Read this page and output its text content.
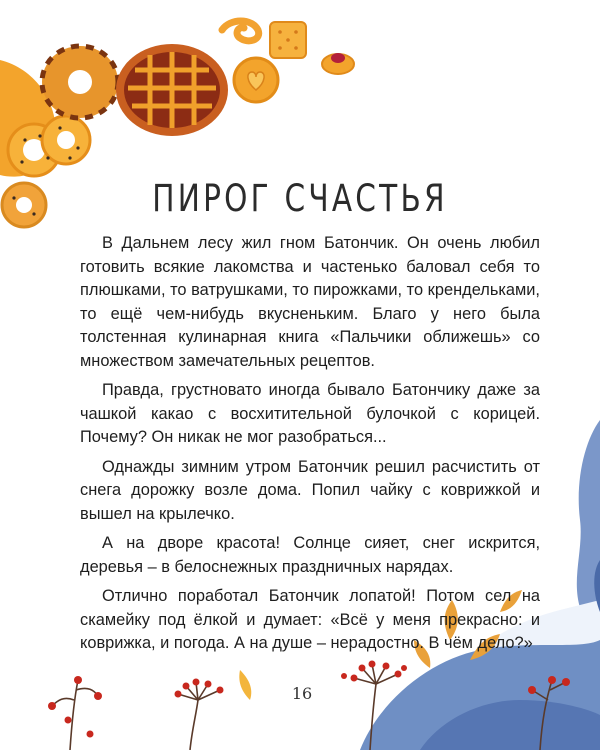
ПИРОГ СЧАСТЬЯ

В Дальнем лесу жил гном Батончик. Он очень любил готовить всякие лакомства и частенько баловал себя то плюшками, то ватрушками, то пирожками, то крендельками, то ещё чем-нибудь вкусненьким. Благо у него была толстенная кулинарная книга «Пальчики оближешь» со множеством замечательных рецептов.

Правда, грустновато иногда бывало Батончику даже за чашкой какао с восхитительной булочкой с корицей. Почему? Он никак не мог разобраться...

Однажды зимним утром Батончик решил расчистить от снега дорожку возле дома. Попил чайку с коврижкой и вышел на крылечко.

А на дворе красота! Солнце сияет, снег искрится, деревья – в белоснежных праздничных нарядах.

Отлично поработал Батончик лопатой! Потом сел на скамейку под ёлкой и думает: «Всё у меня прекрасно: и коврижка, и погода. А на душе – нерадостно. В чём дело?»

16
